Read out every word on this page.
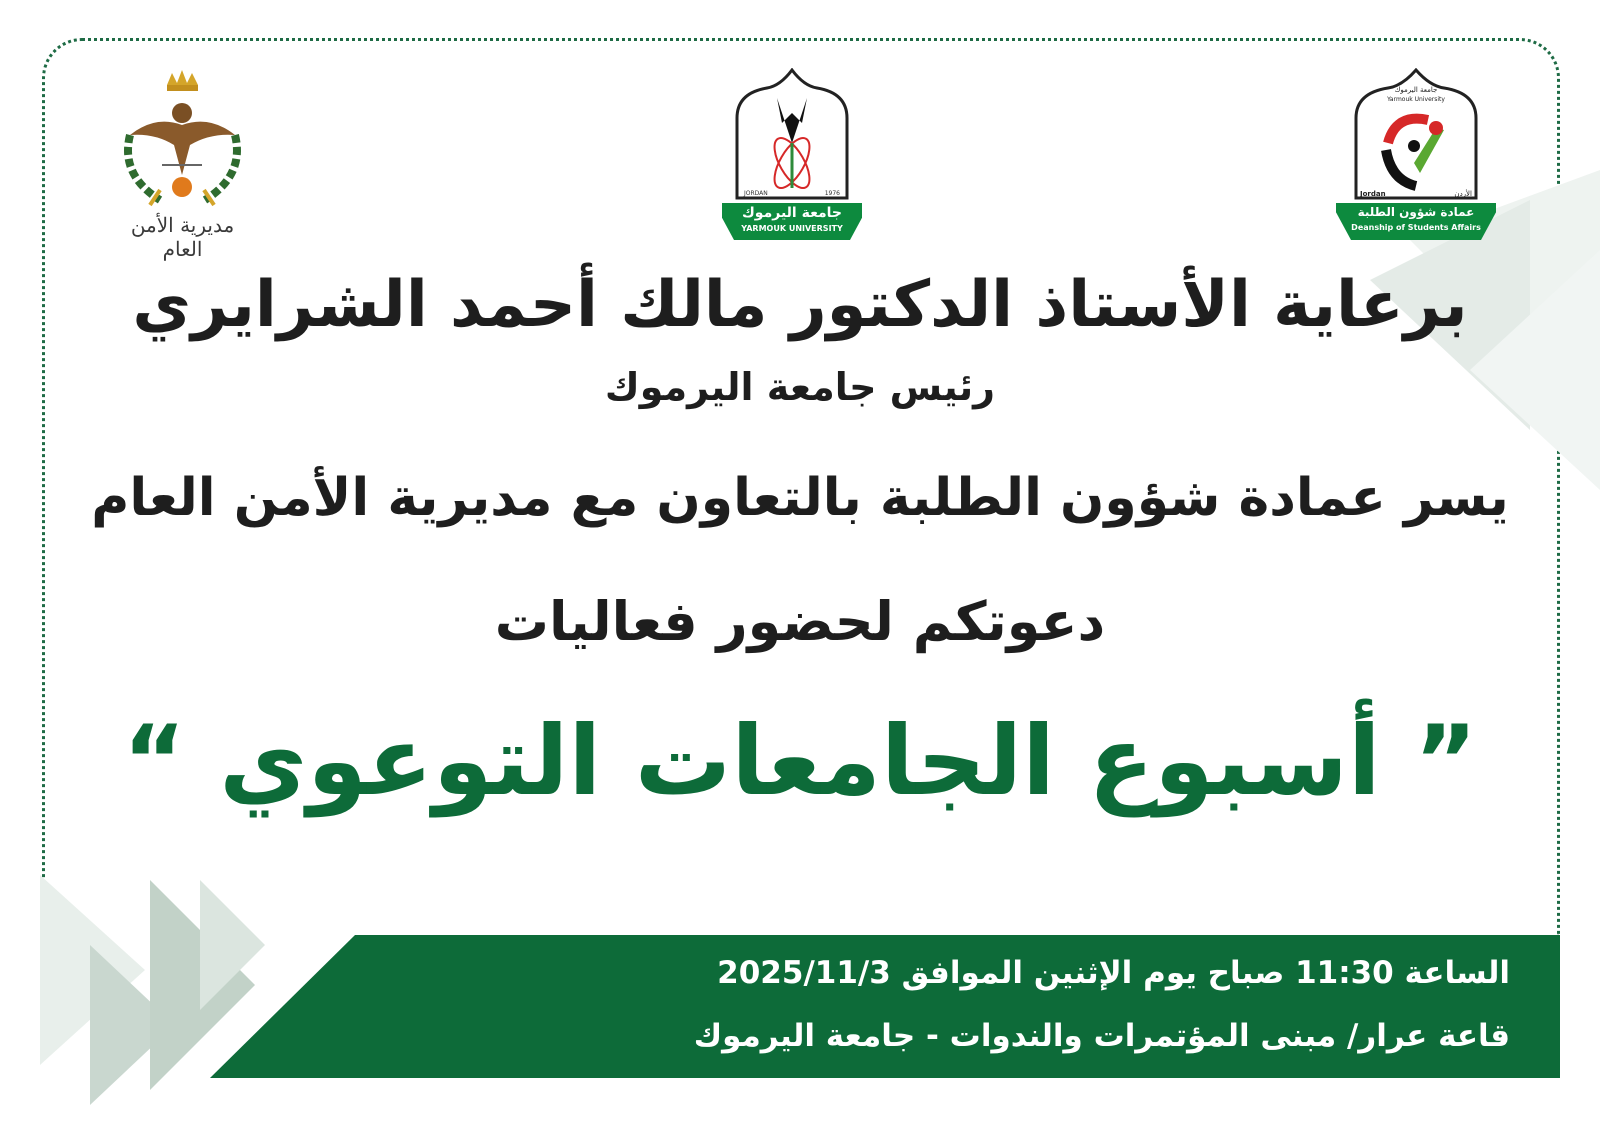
مديرية الأمن العام
JORDAN	1976
جامعة اليرموك
YARMOUK UNIVERSITY
جامعة اليرموك
Yarmouk University
Jordan	الأردن
عمادة شؤون الطلبة
Deanship of Students Affairs
برعاية الأستاذ الدكتور مالك أحمد الشرايري
رئيس جامعة اليرموك
يسر عمادة شؤون الطلبة بالتعاون مع مديرية الأمن العام
دعوتكم لحضور فعاليات
” أسبوع الجامعات التوعوي “
الساعة 11:30 صباح يوم الإثنين الموافق 2025/11/3
قاعة عرار/ مبنى المؤتمرات والندوات - جامعة اليرموك
